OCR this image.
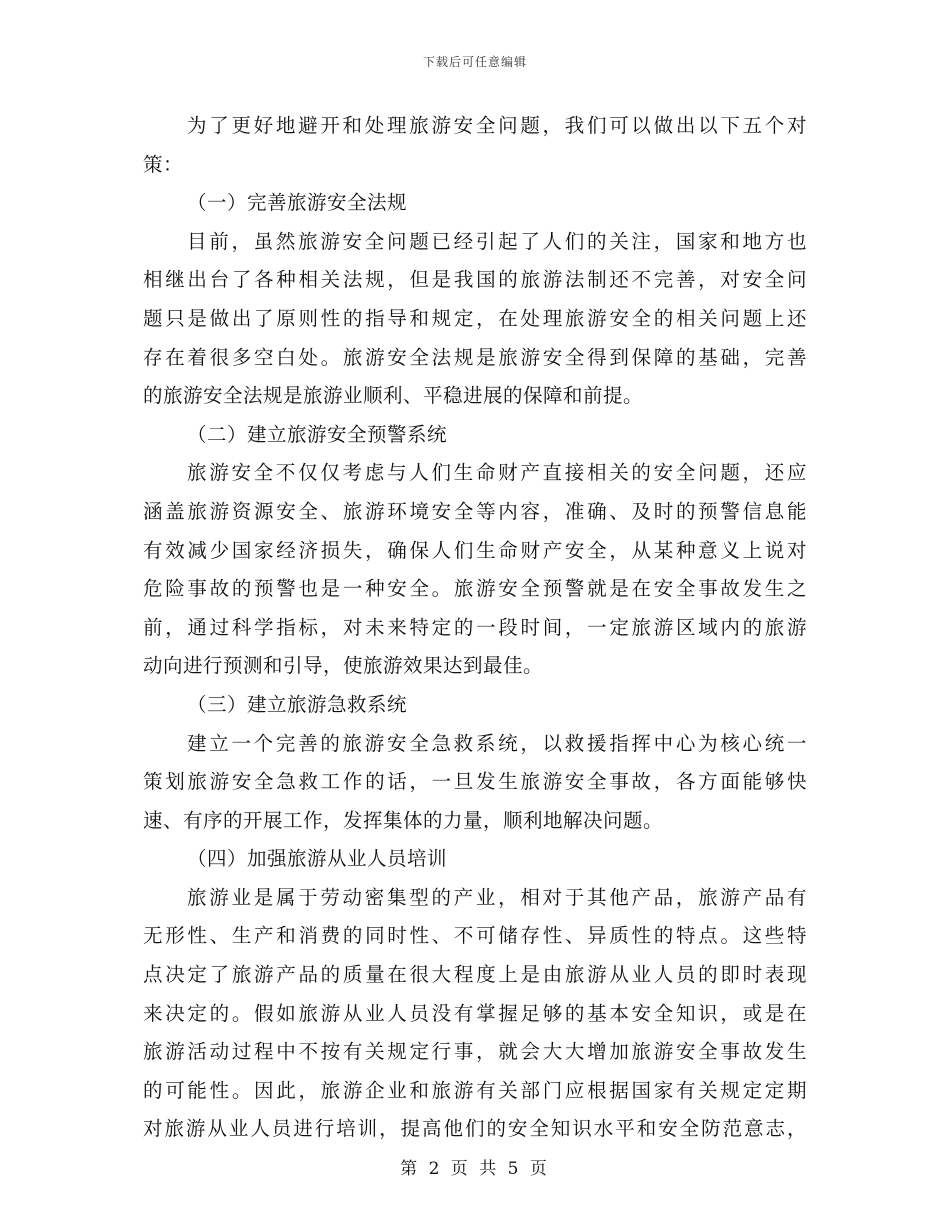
下载后可任意编辑
为了更好地避开和处理旅游安全问题，我们可以做出以下五个对
策：
（一）完善旅游安全法规
目前，虽然旅游安全问题已经引起了人们的关注，国家和地方也
相继出台了各种相关法规，但是我国的旅游法制还不完善，对安全问
题只是做出了原则性的指导和规定，在处理旅游安全的相关问题上还
存在着很多空白处。旅游安全法规是旅游安全得到保障的基础，完善
的旅游安全法规是旅游业顺利、平稳进展的保障和前提。
（二）建立旅游安全预警系统
旅游安全不仅仅考虑与人们生命财产直接相关的安全问题，还应
涵盖旅游资源安全、旅游环境安全等内容，准确、及时的预警信息能
有效减少国家经济损失，确保人们生命财产安全，从某种意义上说对
危险事故的预警也是一种安全。旅游安全预警就是在安全事故发生之
前，通过科学指标，对未来特定的一段时间，一定旅游区域内的旅游
动向进行预测和引导，使旅游效果达到最佳。
（三）建立旅游急救系统
建立一个完善的旅游安全急救系统，以救援指挥中心为核心统一
策划旅游安全急救工作的话，一旦发生旅游安全事故，各方面能够快
速、有序的开展工作，发挥集体的力量，顺利地解决问题。
（四）加强旅游从业人员培训
旅游业是属于劳动密集型的产业，相对于其他产品，旅游产品有
无形性、生产和消费的同时性、不可储存性、异质性的特点。这些特
点决定了旅游产品的质量在很大程度上是由旅游从业人员的即时表现
来决定的。假如旅游从业人员没有掌握足够的基本安全知识，或是在
旅游活动过程中不按有关规定行事，就会大大增加旅游安全事故发生
的可能性。因此，旅游企业和旅游有关部门应根据国家有关规定定期
对旅游从业人员进行培训，提高他们的安全知识水平和安全防范意志，
第 2 页 共 5 页
